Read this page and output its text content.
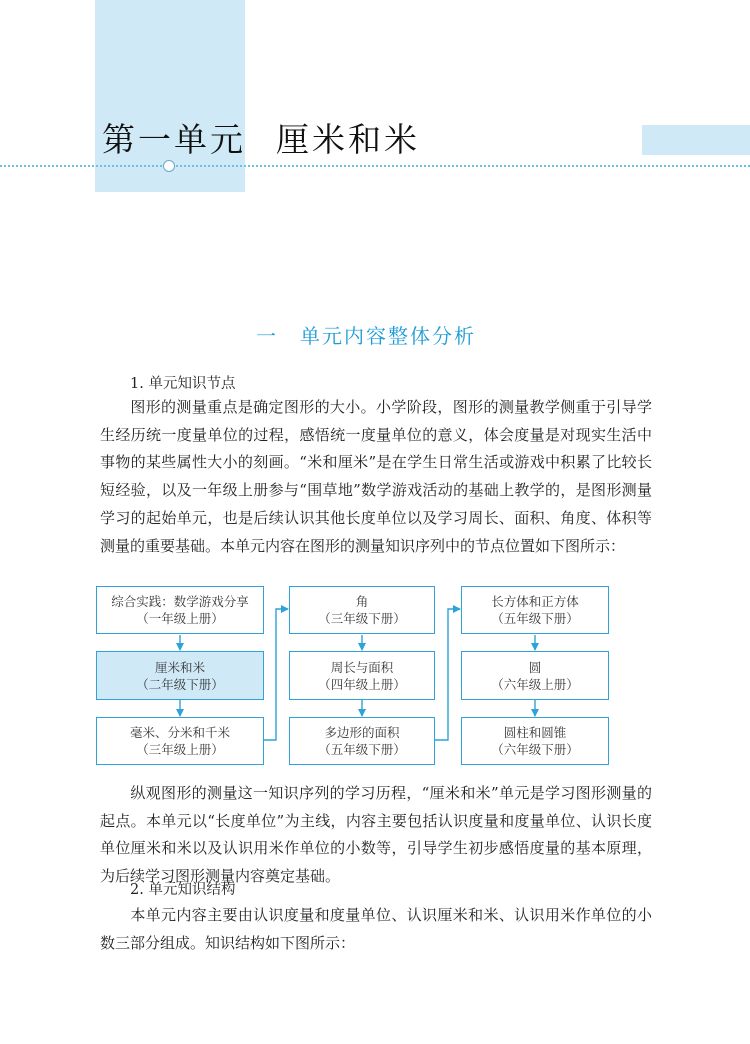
第一单元 厘米和米
一 单元内容整体分析
1. 单元知识节点
图形的测量重点是确定图形的大小。小学阶段，图形的测量教学侧重于引导学生经历统一度量单位的过程，感悟统一度量单位的意义，体会度量是对现实生活中事物的某些属性大小的刻画。“米和厘米”是在学生日常生活或游戏中积累了比较长短经验，以及一年级上册参与“围草地”数学游戏活动的基础上教学的，是图形测量学习的起始单元，也是后续认识其他长度单位以及学习周长、面积、角度、体积等测量的重要基础。本单元内容在图形的测量知识序列中的节点位置如下图所示：
综合实践：数学游戏分享
（一年级上册）
厘米和米
（二年级下册）
毫米、分米和千米
（三年级上册）
角
（三年级下册）
周长与面积
（四年级上册）
多边形的面积
（五年级下册）
长方体和正方体
（五年级下册）
圆
（六年级上册）
圆柱和圆锥
（六年级下册）
纵观图形的测量这一知识序列的学习历程，“厘米和米”单元是学习图形测量的起点。本单元以“长度单位”为主线，内容主要包括认识度量和度量单位、认识长度单位厘米和米以及认识用米作单位的小数等，引导学生初步感悟度量的基本原理，为后续学习图形测量内容奠定基础。
2. 单元知识结构
本单元内容主要由认识度量和度量单位、认识厘米和米、认识用米作单位的小数三部分组成。知识结构如下图所示：
